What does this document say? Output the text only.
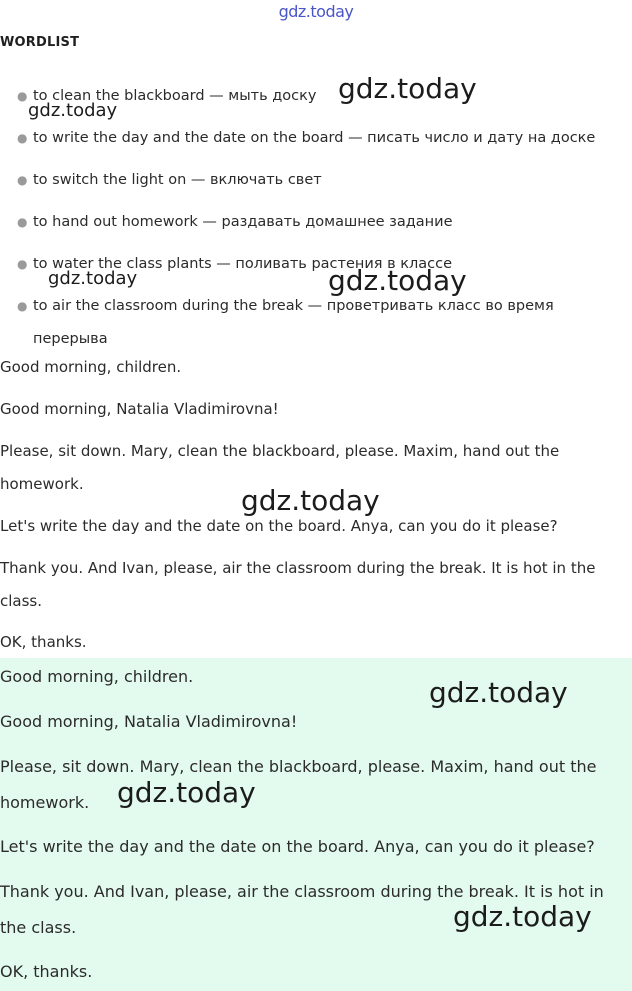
gdz.today
WORDLIST
● to clean the blackboard — мыть доску
● to write the day and the date on the board — писать число и дату на доске
● to switch the light on — включать свет
● to hand out homework — раздавать домашнее задание
● to water the class plants — поливать растения в классе
● to air the classroom during the break — проветривать класс во время перерыва

Good morning, children.

Good morning, Natalia Vladimirovna!

Please, sit down. Mary, clean the blackboard, please. Maxim, hand out the homework.

Let's write the day and the date on the board. Anya, can you do it please?

Thank you. And Ivan, please, air the classroom during the break. It is hot in the class.

OK, thanks.

Good morning, children.

Good morning, Natalia Vladimirovna!

Please, sit down. Mary, clean the blackboard, please. Maxim, hand out the homework.

Let's write the day and the date on the board. Anya, can you do it please?

Thank you. And Ivan, please, air the classroom during the break. It is hot in the class.

OK, thanks.

gdz.today
gdz.today
gdz.today	gdz.today
gdz.today
gdz.today
gdz.today
gdz.today
